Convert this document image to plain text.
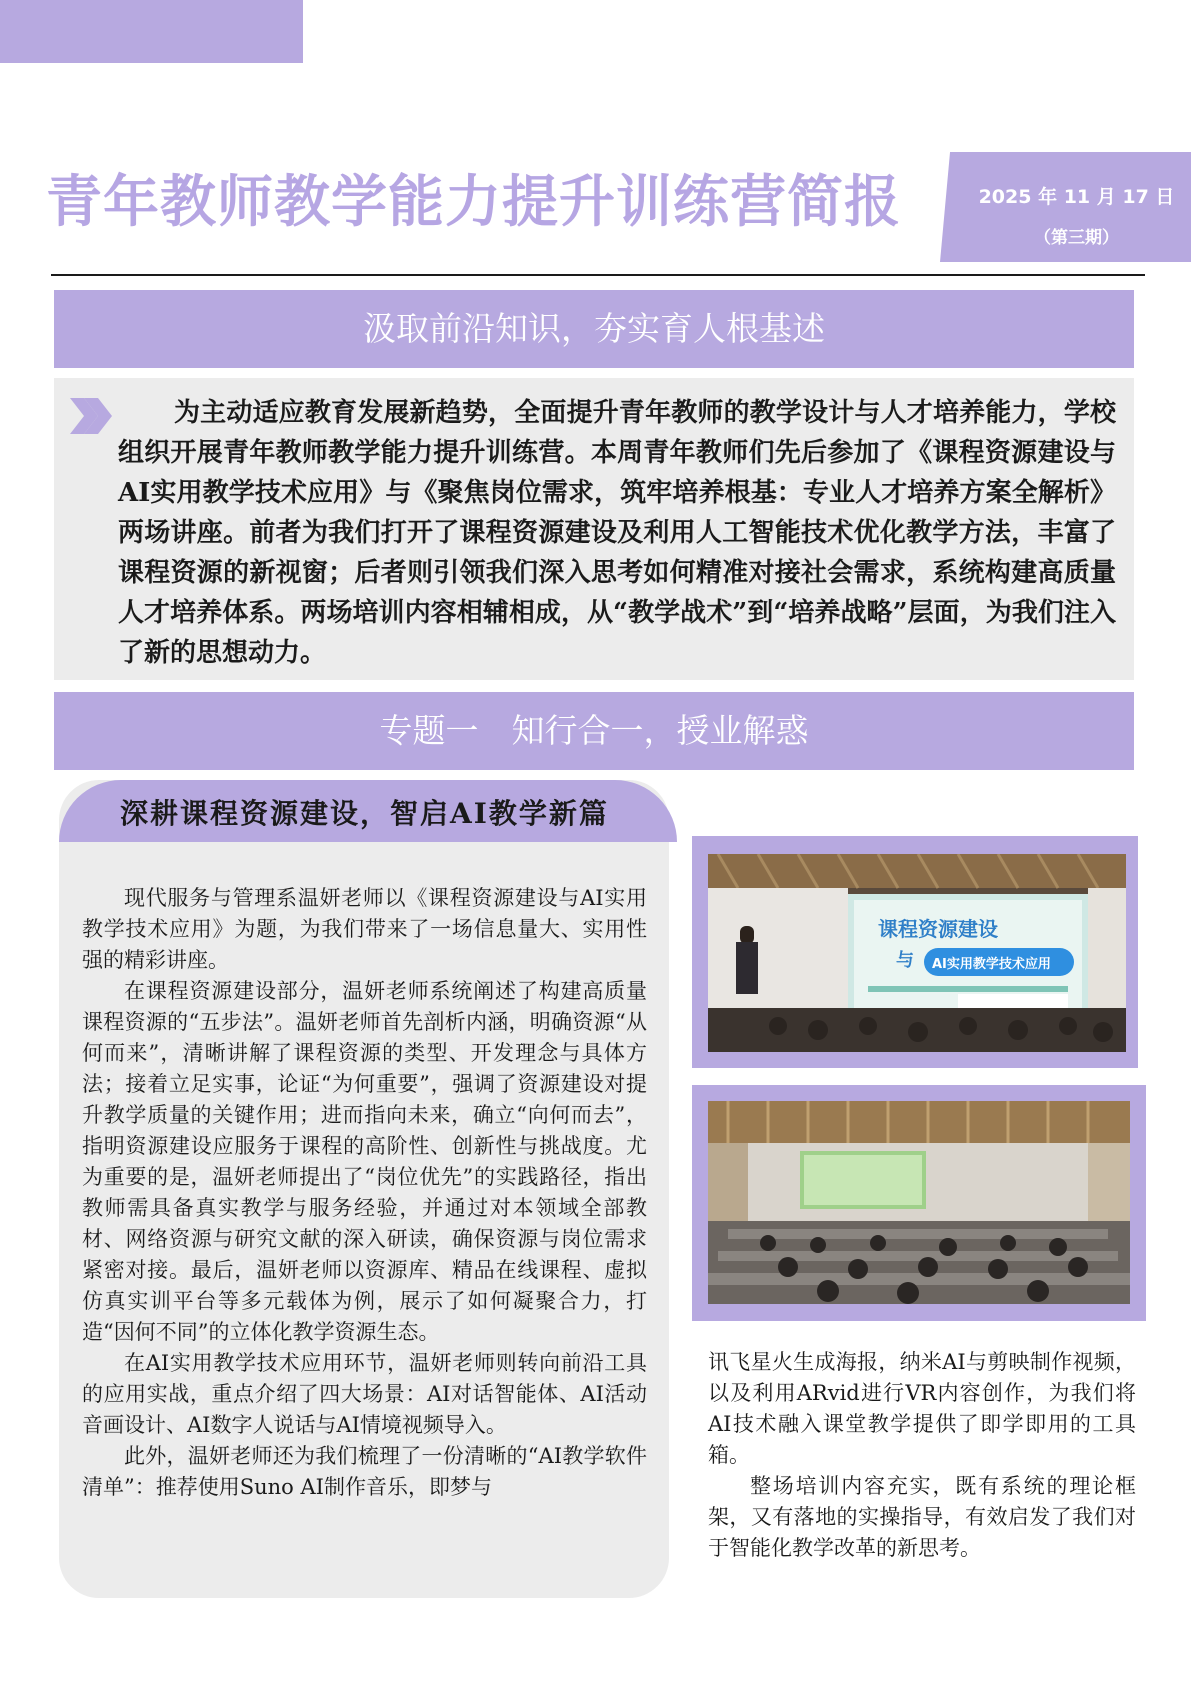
青年教师教学能力提升训练营简报	2025 年 11 月 17 日
（第三期）
汲取前沿知识，夯实育人根基述

为主动适应教育发展新趋势，全面提升青年教师的教学设计与人才培养能力，学校组织开展青年教师教学能力提升训练营。本周青年教师们先后参加了《课程资源建设与AI实用教学技术应用》与《聚焦岗位需求，筑牢培养根基：专业人才培养方案全解析》两场讲座。前者为我们打开了课程资源建设及利用人工智能技术优化教学方法，丰富了课程资源的新视窗；后者则引领我们深入思考如何精准对接社会需求，系统构建高质量人才培养体系。两场培训内容相辅相成，从“教学战术”到“培养战略”层面，为我们注入了新的思想动力。

专题一　知行合一，授业解惑
深耕课程资源建设，智启AI教学新篇

现代服务与管理系温妍老师以《课程资源建设与AI实用教学技术应用》为题，为我们带来了一场信息量大、实用性强的精彩讲座。

在课程资源建设部分，温妍老师系统阐述了构建高质量课程资源的“五步法”。温妍老师首先剖析内涵，明确资源“从何而来”，清晰讲解了课程资源的类型、开发理念与具体方法；接着立足实事，论证“为何重要”，强调了资源建设对提升教学质量的关键作用；进而指向未来，确立“向何而去”，指明资源建设应服务于课程的高阶性、创新性与挑战度。尤为重要的是，温妍老师提出了“岗位优先”的实践路径，指出教师需具备真实教学与服务经验，并通过对本领域全部教材、网络资源与研究文献的深入研读，确保资源与岗位需求紧密对接。最后，温妍老师以资源库、精品在线课程、虚拟仿真实训平台等多元载体为例，展示了如何凝聚合力，打造“因何不同”的立体化教学资源生态。

在AI实用教学技术应用环节，温妍老师则转向前沿工具的应用实战，重点介绍了四大场景：AI对话智能体、AI活动音画设计、AI数字人说话与AI情境视频导入。

此外，温妍老师还为我们梳理了一份清晰的“AI教学软件清单”：推荐使用Suno AI制作音乐，即梦与

课程资源建设
与 AI实用教学技术应用

讯飞星火生成海报，纳米AI与剪映制作视频，以及利用ARvid进行VR内容创作，为我们将AI技术融入课堂教学提供了即学即用的工具箱。

整场培训内容充实，既有系统的理论框架，又有落地的实操指导，有效启发了我们对于智能化教学改革的新思考。
